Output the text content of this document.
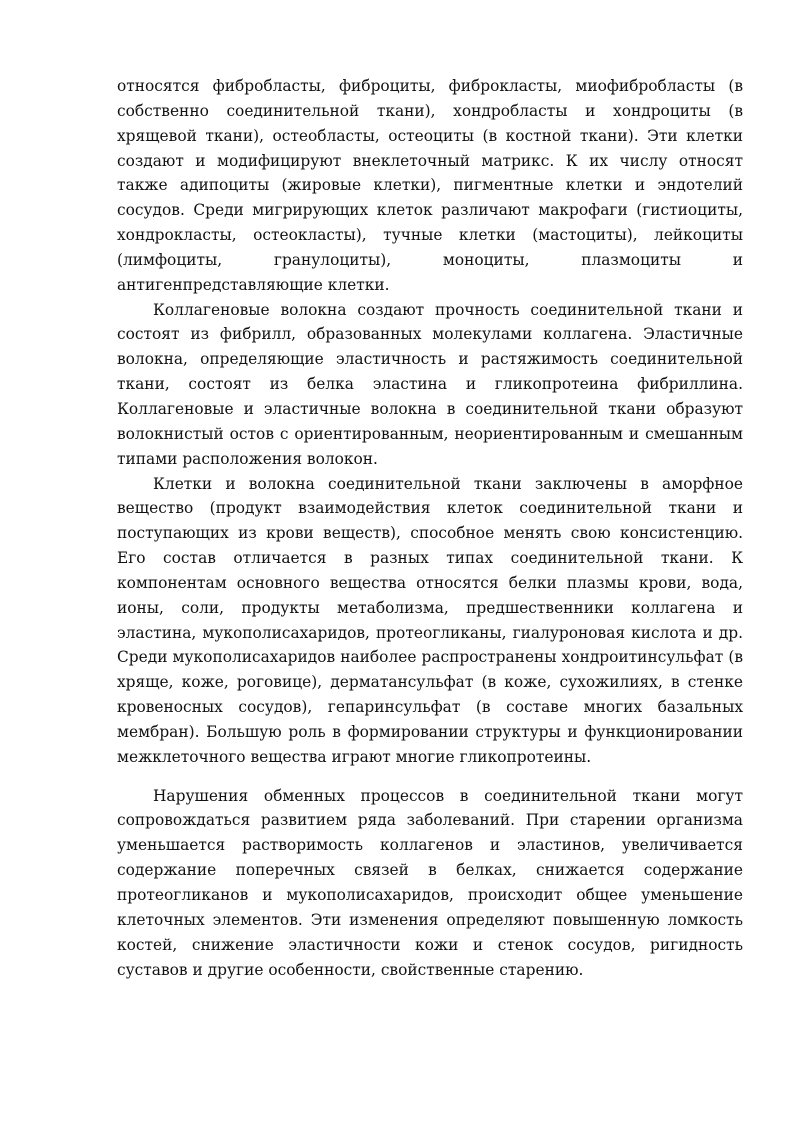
относятся фибробласты, фиброциты, фиброкласты, миофибробласты (в собственно соединительной ткани), хондробласты и хондроциты (в хрящевой ткани), остеобласты, остеоциты (в костной ткани). Эти клетки создают и модифицируют внеклеточный матрикс. К их числу относят также адипоциты (жировые клетки), пигментные клетки и эндотелий сосудов. Среди мигрирующих клеток различают макрофаги (гистиоциты, хондрокласты, остеокласты), тучные клетки (мастоциты), лейкоциты (лимфоциты, гранулоциты), моноциты, плазмоциты и антигенпредставляющие клетки.

Коллагеновые волокна создают прочность соединительной ткани и состоят из фибрилл, образованных молекулами коллагена. Эластичные волокна, определяющие эластичность и растяжимость соединительной ткани, состоят из белка эластина и гликопротеина фибриллина. Коллагеновые и эластичные волокна в соединительной ткани образуют волокнистый остов с ориентированным, неориентированным и смешанным типами расположения волокон.

Клетки и волокна соединительной ткани заключены в аморфное вещество (продукт взаимодействия клеток соединительной ткани и поступающих из крови веществ), способное менять свою консистенцию. Его состав отличается в разных типах соединительной ткани. К компонентам основного вещества относятся белки плазмы крови, вода, ионы, соли, продукты метаболизма, предшественники коллагена и эластина, мукополисахаридов, протеогликаны, гиалуроновая кислота и др. Среди мукополисахаридов наиболее распространены хондроитинсульфат (в хряще, коже, роговице), дерматансульфат (в коже, сухожилиях, в стенке кровеносных сосудов), гепаринсульфат (в составе многих базальных мембран). Большую роль в формировании структуры и функционировании межклеточного вещества играют многие гликопротеины.

Нарушения обменных процессов в соединительной ткани могут сопровождаться развитием ряда заболеваний. При старении организма уменьшается растворимость коллагенов и эластинов, увеличивается содержание поперечных связей в белках, снижается содержание протеогликанов и мукополисахаридов, происходит общее уменьшение клеточных элементов. Эти изменения определяют повышенную ломкость костей, снижение эластичности кожи и стенок сосудов, ригидность суставов и другие особенности, свойственные старению.
